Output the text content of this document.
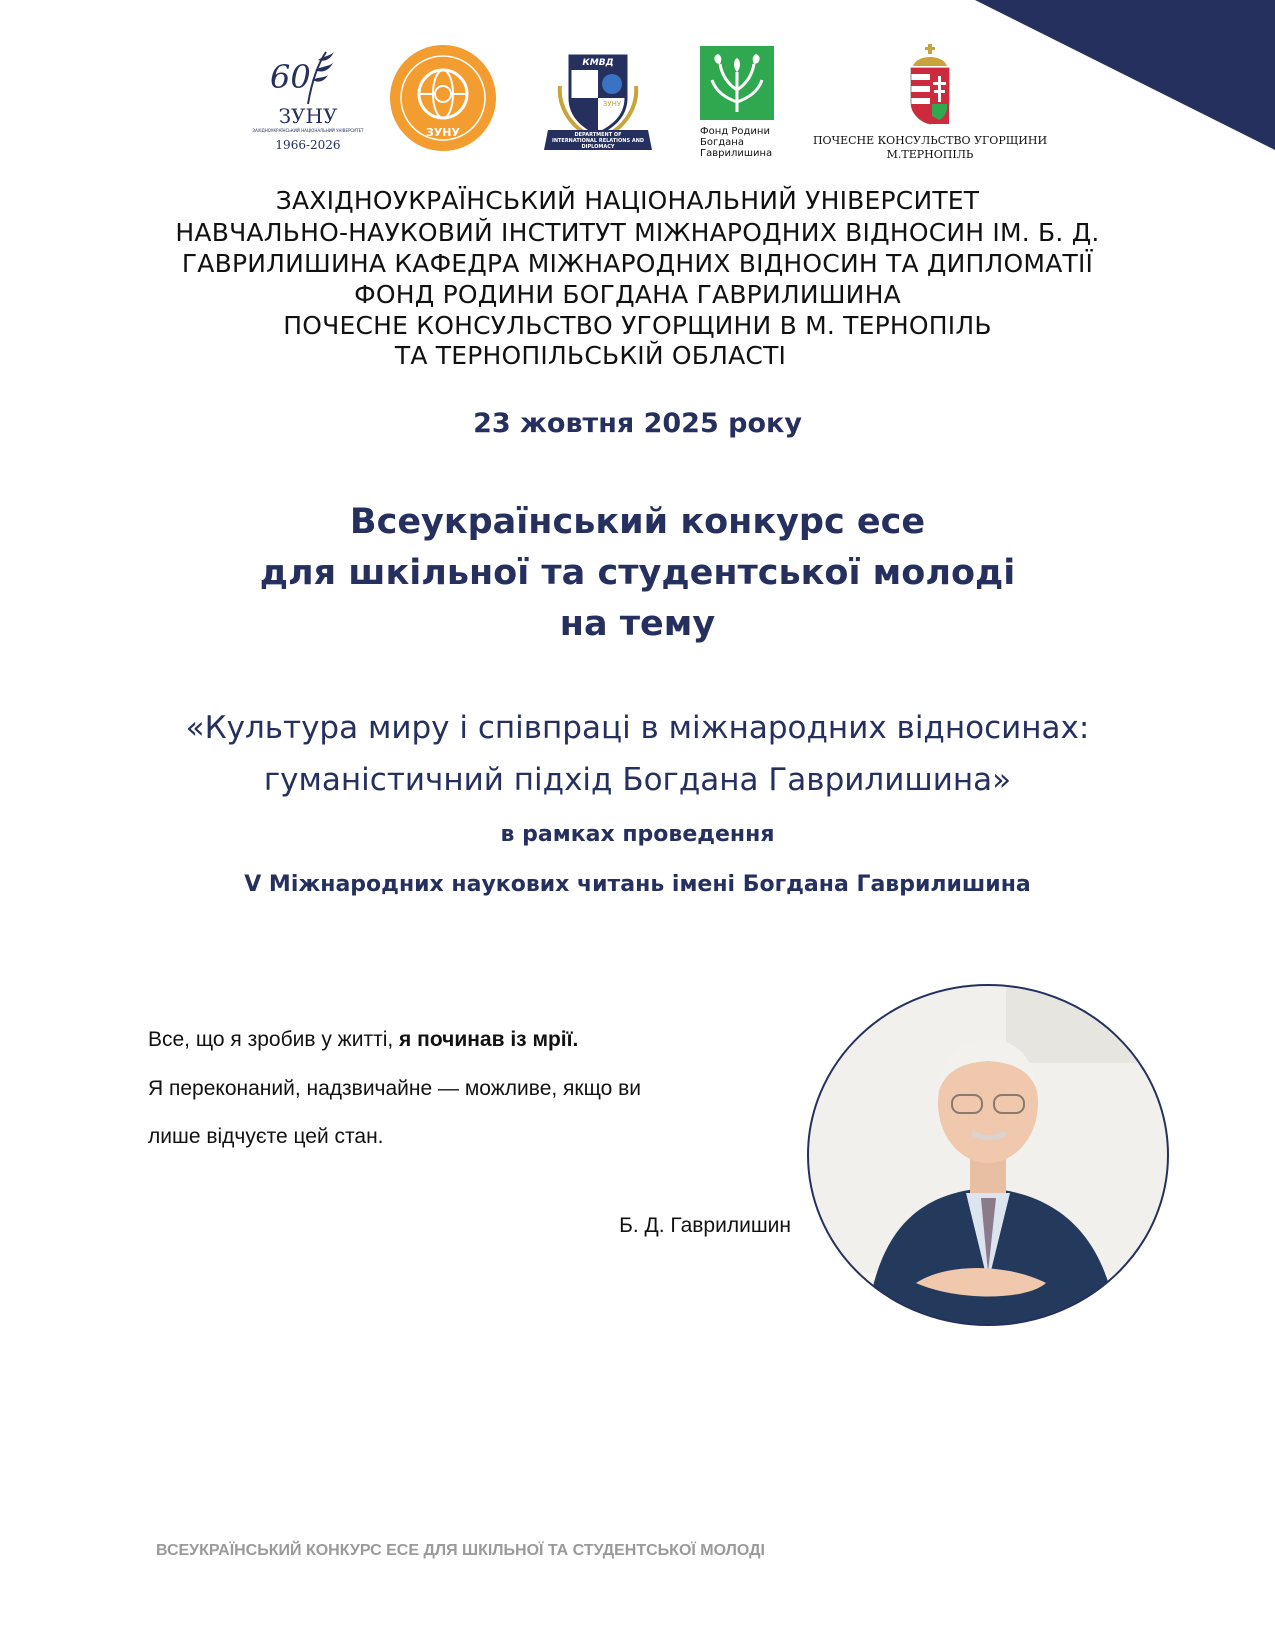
60
ЗУНУ
ЗАХІДНОУКРАЇНСЬКИЙ НАЦІОНАЛЬНИЙ УНІВЕРСИТЕТ
1966-2026
ЗУНУ
КМВД
ЗУНУ
DEPARTMENT OF
INTERNATIONAL RELATIONS AND
DIPLOMACY
Фонд Родини
Богдана
Гаврилишина
ПОЧЕСНЕ КОНСУЛЬСТВО УГОРЩИНИ
М.ТЕРНОПІЛЬ
ЗАХІДНОУКРАЇНСЬКИЙ НАЦІОНАЛЬНИЙ УНІВЕРСИТЕТ
НАВЧАЛЬНО-НАУКОВИЙ ІНСТИТУТ МІЖНАРОДНИХ ВІДНОСИН ІМ. Б. Д.
ГАВРИЛИШИНА КАФЕДРА МІЖНАРОДНИХ ВІДНОСИН ТА ДИПЛОМАТІЇ
ФОНД РОДИНИ БОГДАНА ГАВРИЛИШИНА
ПОЧЕСНЕ КОНСУЛЬСТВО УГОРЩИНИ В М. ТЕРНОПІЛЬ
ТА ТЕРНОПІЛЬСЬКІЙ ОБЛАСТІ
23 жовтня 2025 року
Всеукраїнський конкурс есе
для шкільної та студентської молоді
на тему
«Культура миру і співпраці в міжнародних відносинах:
гуманістичний підхід Богдана Гаврилишина»
в рамках проведення
V Міжнародних наукових читань імені Богдана Гаврилишина
Все, що я зробив у житті, я починав із мрії.
Я переконаний, надзвичайне — можливе, якщо ви
лише відчуєте цей стан.
Б. Д. Гаврилишин
ВСЕУКРАЇНСЬКИЙ КОНКУРС ЕСЕ ДЛЯ ШКІЛЬНОЇ ТА СТУДЕНТСЬКОЇ МОЛОДІ
